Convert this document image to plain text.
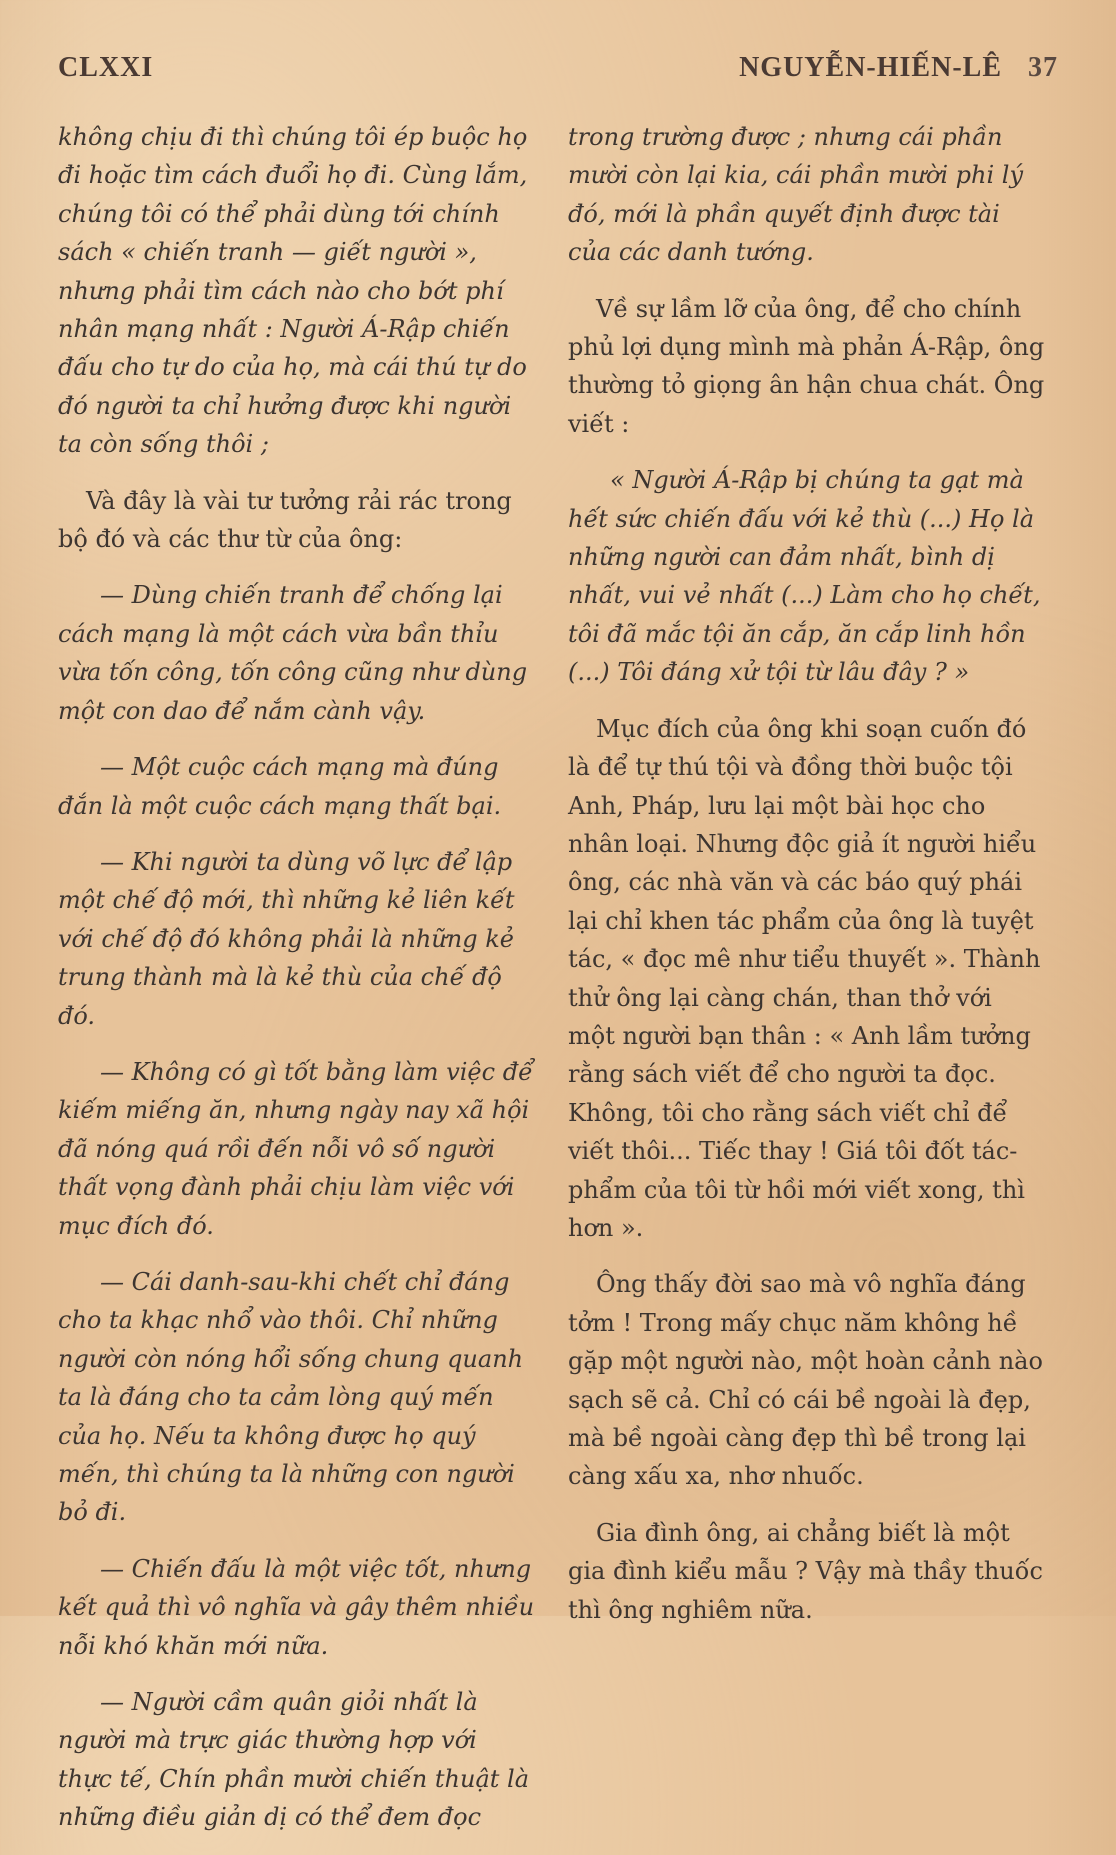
CLXXI	NGUYỄN-HIẾN-LÊ 37

không chịu đi thì chúng tôi ép buộc họ đi hoặc tìm cách đuổi họ đi. Cùng lắm, chúng tôi có thể phải dùng tới chính sách « chiến tranh — giết người », nhưng phải tìm cách nào cho bớt phí nhân mạng nhất : Người Á-Rập chiến đấu cho tự do của họ, mà cái thú tự do đó người ta chỉ hưởng được khi người ta còn sống thôi ;

Và đây là vài tư tưởng rải rác trong bộ đó và các thư từ của ông:

— Dùng chiến tranh để chống lại cách mạng là một cách vừa bần thỉu vừa tốn công, tốn công cũng như dùng một con dao để nắm cành vậy.

— Một cuộc cách mạng mà đúng đắn là một cuộc cách mạng thất bại.

— Khi người ta dùng võ lực để lập một chế độ mới, thì những kẻ liên kết với chế độ đó không phải là những kẻ trung thành mà là kẻ thù của chế độ đó.

— Không có gì tốt bằng làm việc để kiếm miếng ăn, nhưng ngày nay xã hội đã nóng quá rồi đến nỗi vô số người thất vọng đành phải chịu làm việc với mục đích đó.

— Cái danh-sau-khi chết chỉ đáng cho ta khạc nhổ vào thôi. Chỉ những người còn nóng hổi sống chung quanh ta là đáng cho ta cảm lòng quý mến của họ. Nếu ta không được họ quý mến, thì chúng ta là những con người bỏ đi.

— Chiến đấu là một việc tốt, nhưng kết quả thì vô nghĩa và gây thêm nhiều nỗi khó khăn mới nữa.

— Người cầm quân giỏi nhất là người mà trực giác thường hợp với thực tế, Chín phần mười chiến thuật là những điều giản dị có thể đem đọc

trong trường được ; nhưng cái phần mười còn lại kia, cái phần mười phi lý đó, mới là phần quyết định được tài của các danh tướng.

Về sự lầm lỡ của ông, để cho chính phủ lợi dụng mình mà phản Á-Rập, ông thường tỏ giọng ân hận chua chát. Ông viết :

« Người Á-Rập bị chúng ta gạt mà hết sức chiến đấu với kẻ thù (...) Họ là những người can đảm nhất, bình dị nhất, vui vẻ nhất (...) Làm cho họ chết, tôi đã mắc tội ăn cắp, ăn cắp linh hồn (...) Tôi đáng xử tội từ lâu đây ? »

Mục đích của ông khi soạn cuốn đó là để tự thú tội và đồng thời buộc tội Anh, Pháp, lưu lại một bài học cho nhân loại. Nhưng độc giả ít người hiểu ông, các nhà văn và các báo quý phái lại chỉ khen tác phẩm của ông là tuyệt tác, « đọc mê như tiểu thuyết ». Thành thử ông lại càng chán, than thở với một người bạn thân : « Anh lầm tưởng rằng sách viết để cho người ta đọc. Không, tôi cho rằng sách viết chỉ để viết thôi... Tiếc thay ! Giá tôi đốt tác-phẩm của tôi từ hồi mới viết xong, thì hơn ».

Ông thấy đời sao mà vô nghĩa đáng tởm ! Trong mấy chục năm không hề gặp một người nào, một hoàn cảnh nào sạch sẽ cả. Chỉ có cái bề ngoài là đẹp, mà bề ngoài càng đẹp thì bề trong lại càng xấu xa, nhơ nhuốc.

Gia đình ông, ai chẳng biết là một gia đình kiểu mẫu ? Vậy mà thầy thuốc thì ông nghiêm nữa.
